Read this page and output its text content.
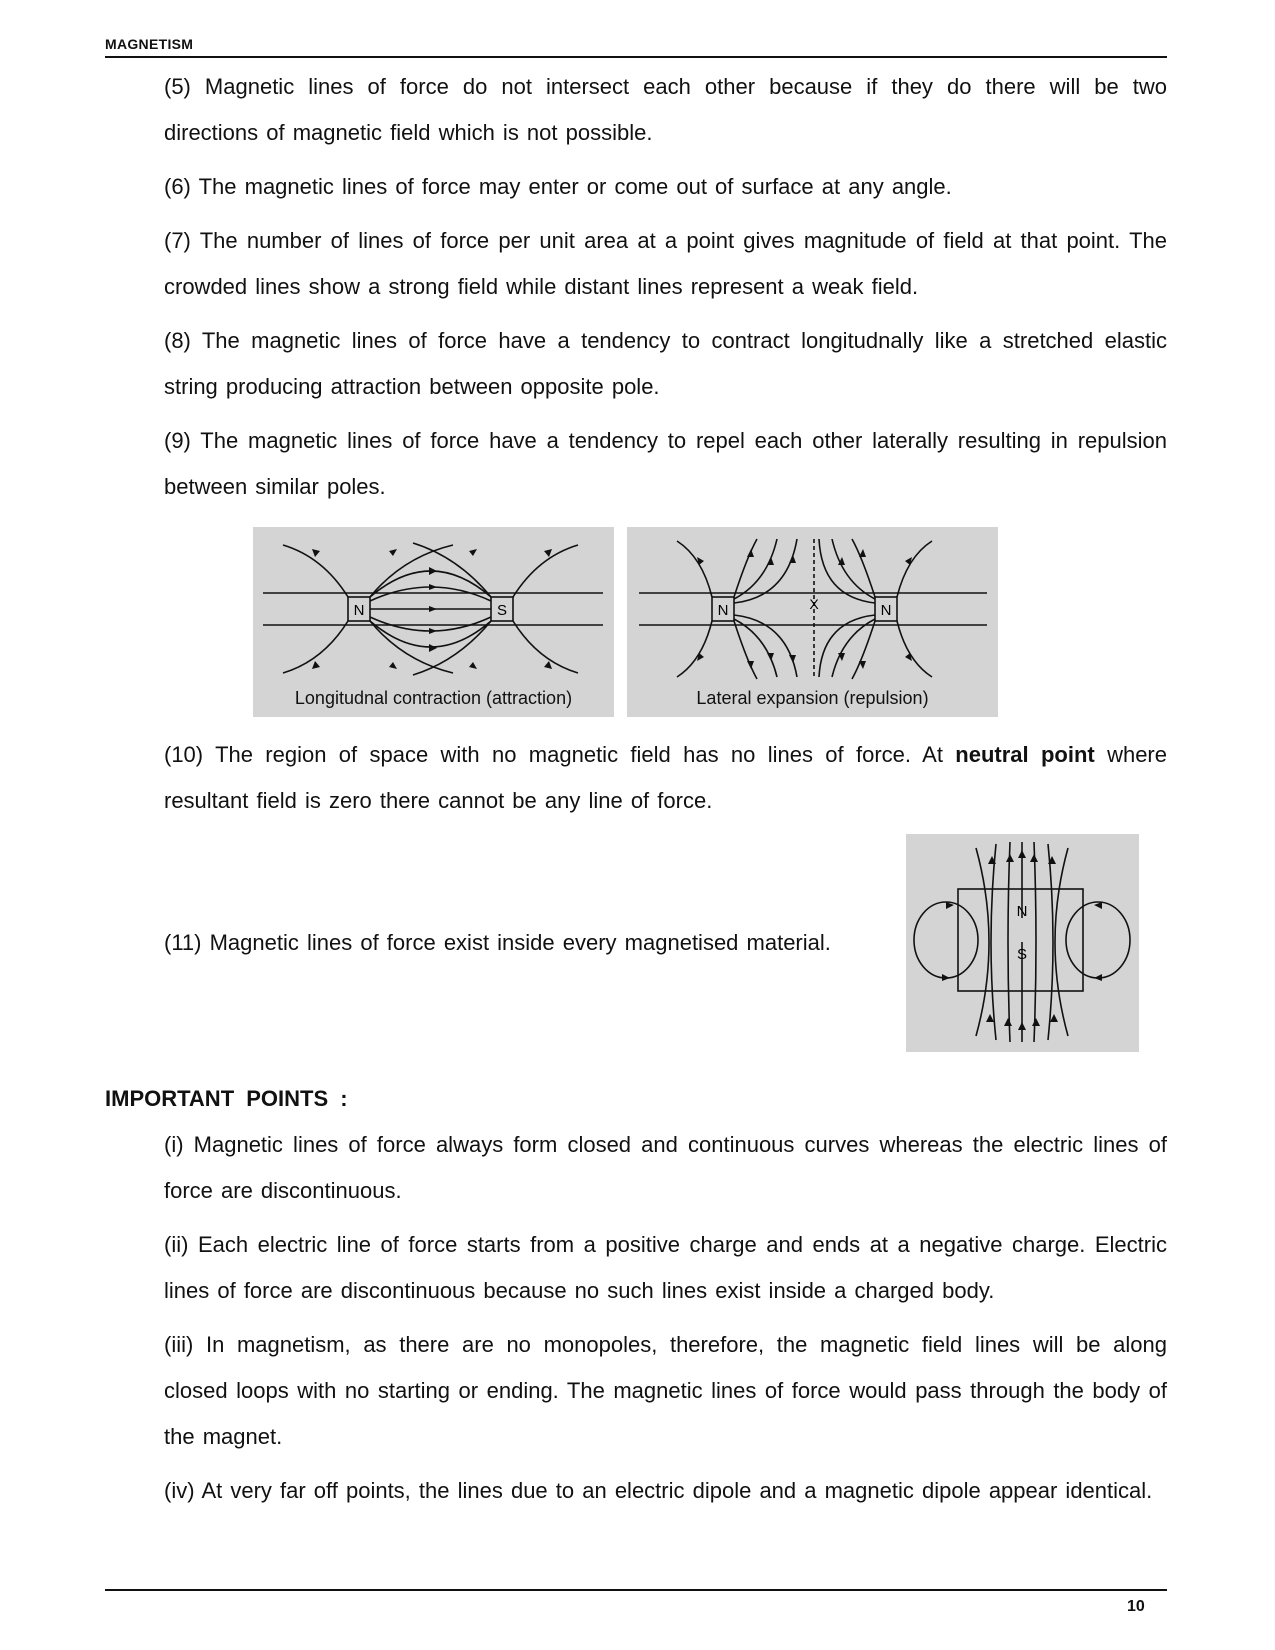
MAGNETISM
(5) Magnetic lines of force do not intersect each other because if they do there will be two directions of magnetic field which is not possible.
(6) The magnetic lines of force may enter or come out of surface at any angle.
(7) The number of lines of force per unit area at a point gives magnitude of field at that point. The crowded lines show a strong field while distant lines represent a weak field.
(8) The magnetic lines of force have a tendency to contract longitudnally like a stretched elastic string producing attraction between opposite pole.
(9) The magnetic lines of force have a tendency to repel each other laterally resulting in repulsion between similar poles.
N	S
Longitudnal contraction (attraction)
N	N
X
Lateral expansion (repulsion)
(10) The region of space with no magnetic field has no lines of force. At neutral point where resultant field is zero there cannot be any line of force.
(11) Magnetic lines of force exist inside every magnetised material.
N
S
IMPORTANT POINTS :
(i) Magnetic lines of force always form closed and continuous curves whereas the electric lines of force are discontinuous.
(ii) Each electric line of force starts from a positive charge and ends at a negative charge. Electric lines of force are discontinuous because no such lines exist inside a charged body.
(iii) In magnetism, as there are no monopoles, therefore, the magnetic field lines will be along closed loops with no starting or ending. The magnetic lines of force would pass through the body of the magnet.
(iv) At very far off points, the lines due to an electric dipole and a magnetic dipole appear identical.
10
